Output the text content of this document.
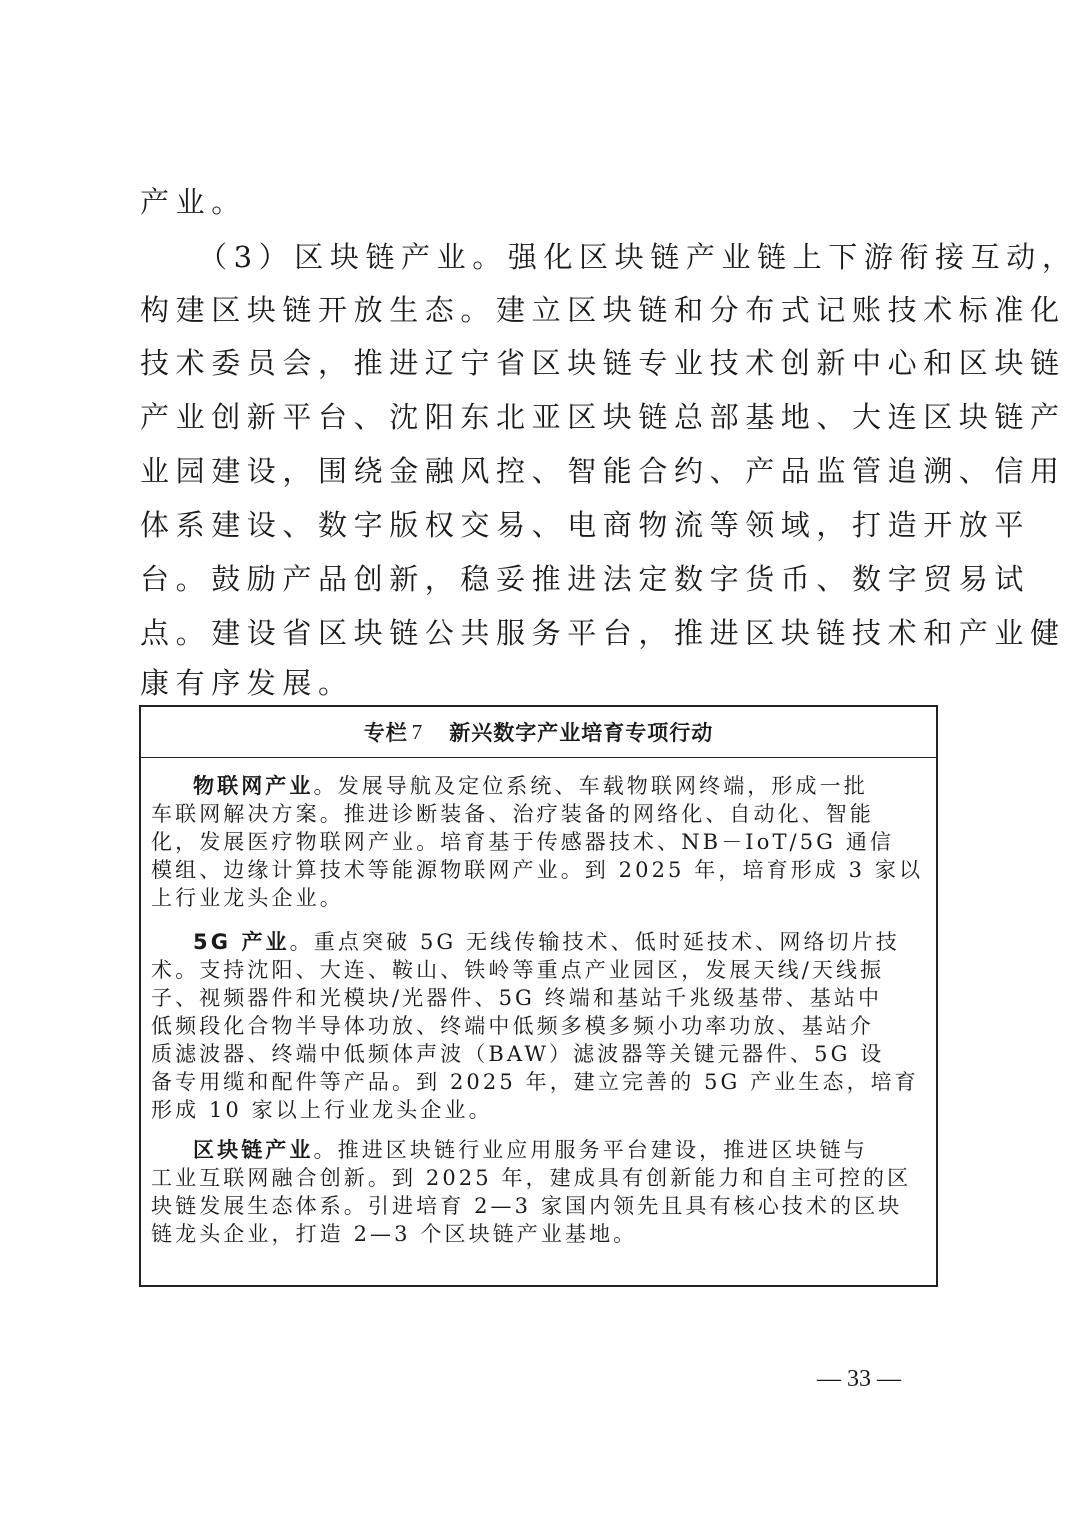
产业。
（3）区块链产业。强化区块链产业链上下游衔接互动，
构建区块链开放生态。建立区块链和分布式记账技术标准化
技术委员会，推进辽宁省区块链专业技术创新中心和区块链
产业创新平台、沈阳东北亚区块链总部基地、大连区块链产
业园建设，围绕金融风控、智能合约、产品监管追溯、信用
体系建设、数字版权交易、电商物流等领域，打造开放平
台。鼓励产品创新，稳妥推进法定数字货币、数字贸易试
点。建设省区块链公共服务平台，推进区块链技术和产业健
康有序发展。
专栏 7 新兴数字产业培育专项行动
物联网产业。发展导航及定位系统、车载物联网终端，形成一批
车联网解决方案。推进诊断装备、治疗装备的网络化、自动化、智能
化，发展医疗物联网产业。培育基于传感器技术、NB－IoT/5G 通信
模组、边缘计算技术等能源物联网产业。到 2025 年，培育形成 3 家以
上行业龙头企业。
5G 产业。重点突破 5G 无线传输技术、低时延技术、网络切片技
术。支持沈阳、大连、鞍山、铁岭等重点产业园区，发展天线/天线振
子、视频器件和光模块/光器件、5G 终端和基站千兆级基带、基站中
低频段化合物半导体功放、终端中低频多模多频小功率功放、基站介
质滤波器、终端中低频体声波（BAW）滤波器等关键元器件、5G 设
备专用缆和配件等产品。到 2025 年，建立完善的 5G 产业生态，培育
形成 10 家以上行业龙头企业。
区块链产业。推进区块链行业应用服务平台建设，推进区块链与
工业互联网融合创新。到 2025 年，建成具有创新能力和自主可控的区
块链发展生态体系。引进培育 2—3 家国内领先且具有核心技术的区块
链龙头企业，打造 2—3 个区块链产业基地。
— 33 —
